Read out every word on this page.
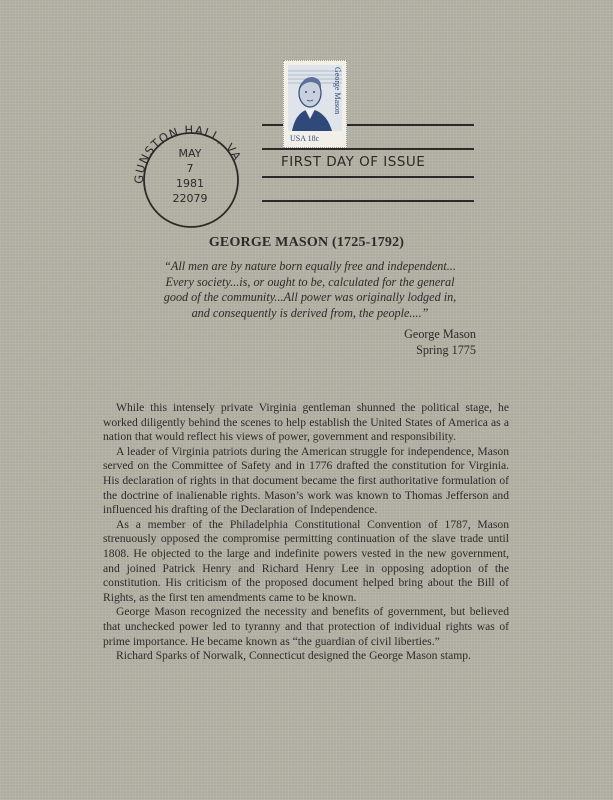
George Mason
USA 18c
GUNSTON HALL, VA
MAY
7
1981
22079
FIRST DAY OF ISSUE
GEORGE MASON (1725-1792)
“All men are by nature born equally free and independent...
Every society...is, or ought to be, calculated for the general
good of the community...All power was originally lodged in,
and consequently is derived from, the people....”
George Mason
Spring 1775

While this intensely private Virginia gentleman shunned the political stage, he worked diligently behind the scenes to help establish the United States of America as a nation that would reflect his views of power, government and responsibility.

A leader of Virginia patriots during the American struggle for independence, Mason served on the Committee of Safety and in 1776 drafted the constitution for Virginia. His declaration of rights in that document became the first authoritative formulation of the doctrine of inalienable rights. Mason’s work was known to Thomas Jefferson and influenced his drafting of the Declaration of Independence.

As a member of the Philadelphia Constitutional Convention of 1787, Mason strenuously opposed the compromise permitting continuation of the slave trade until 1808. He objected to the large and indefinite powers vested in the new government, and joined Patrick Henry and Richard Henry Lee in opposing adoption of the constitution. His criticism of the proposed document helped bring about the Bill of Rights, as the first ten amendments came to be known.

George Mason recognized the necessity and benefits of government, but believed that unchecked power led to tyranny and that protection of individual rights was of prime importance. He became known as “the guardian of civil liberties.”

Richard Sparks of Norwalk, Connecticut designed the George Mason stamp.
